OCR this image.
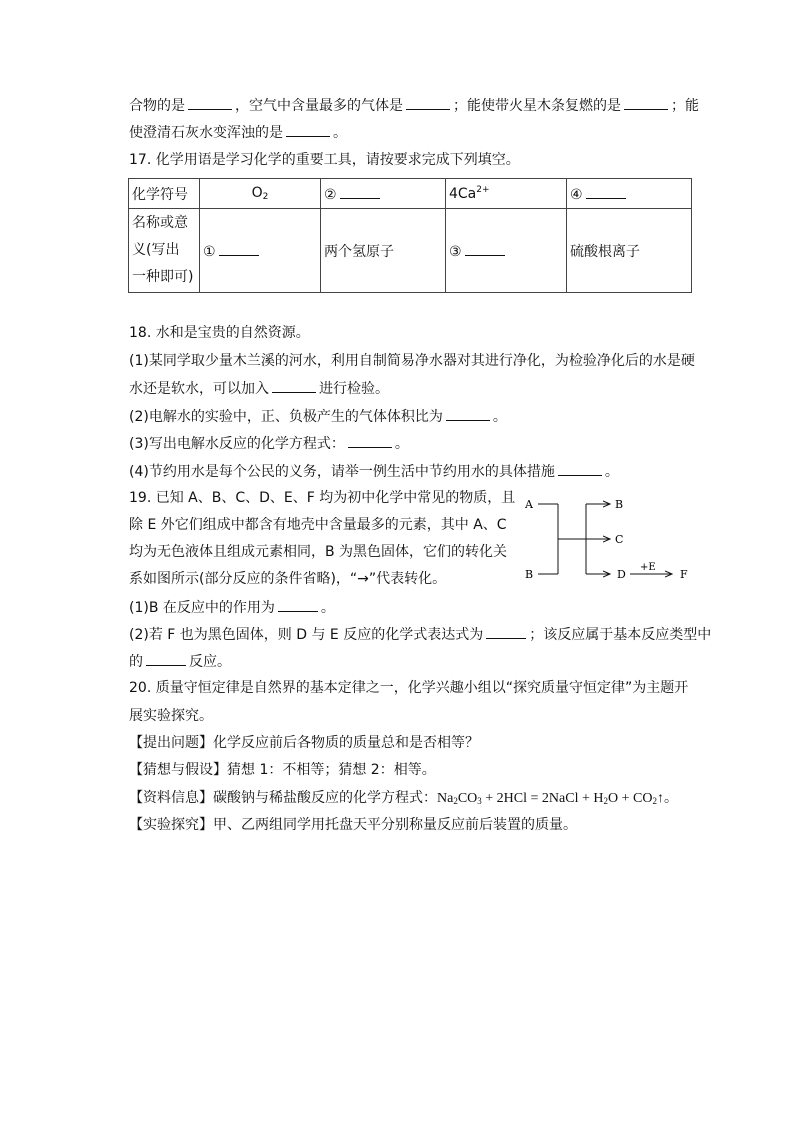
合物的是	，空气中含量最多的气体是	；能使带火星木条复燃的是	；能
使澄清石灰水变浑浊的是	。
17. 化学用语是学习化学的重要工具，请按要求完成下列填空。
化学符号	$O_2$	②	$4Ca^{2+}$	④

名称或意
义(写出
一种即可)	①	两个氢原子	③	硫酸根离子
18. 水和是宝贵的自然资源。
(1)某同学取少量木兰溪的河水，利用自制简易净水器对其进行净化，为检验净化后的水是硬
水还是软水，可以加入	进行检验。
(2)电解水的实验中，正、负极产生的气体体积比为	。
(3)写出电解水反应的化学方程式：	。
(4)节约用水是每个公民的义务，请举一例生活中节约用水的具体措施	。
19. 已知 A、B、C、D、E、F 均为初中化学中常见的物质，且
除 E 外它们组成中都含有地壳中含量最多的元素，其中 A、C
均为无色液体且组成元素相同，B 为黑色固体，它们的转化关
系如图所示(部分反应的条件省略)，“→”代表转化。
A
B
B
C
D
+E
F
(1)B 在反应中的作用为	。
(2)若 F 也为黑色固体，则 D 与 E 反应的化学式表达式为	；该反应属于基本反应类型中
的	反应。
20. 质量守恒定律是自然界的基本定律之一，化学兴趣小组以“探究质量守恒定律”为主题开
展实验探究。
【提出问题】化学反应前后各物质的质量总和是否相等？
【猜想与假设】猜想 1：不相等；猜想 2：相等。
【资料信息】碳酸钠与稀盐酸反应的化学方程式：$Na_2CO_3 + 2HCl$ = 2NaCl + $H_2O$ + $CO_2↑$。
【实验探究】甲、乙两组同学用托盘天平分别称量反应前后装置的质量。
